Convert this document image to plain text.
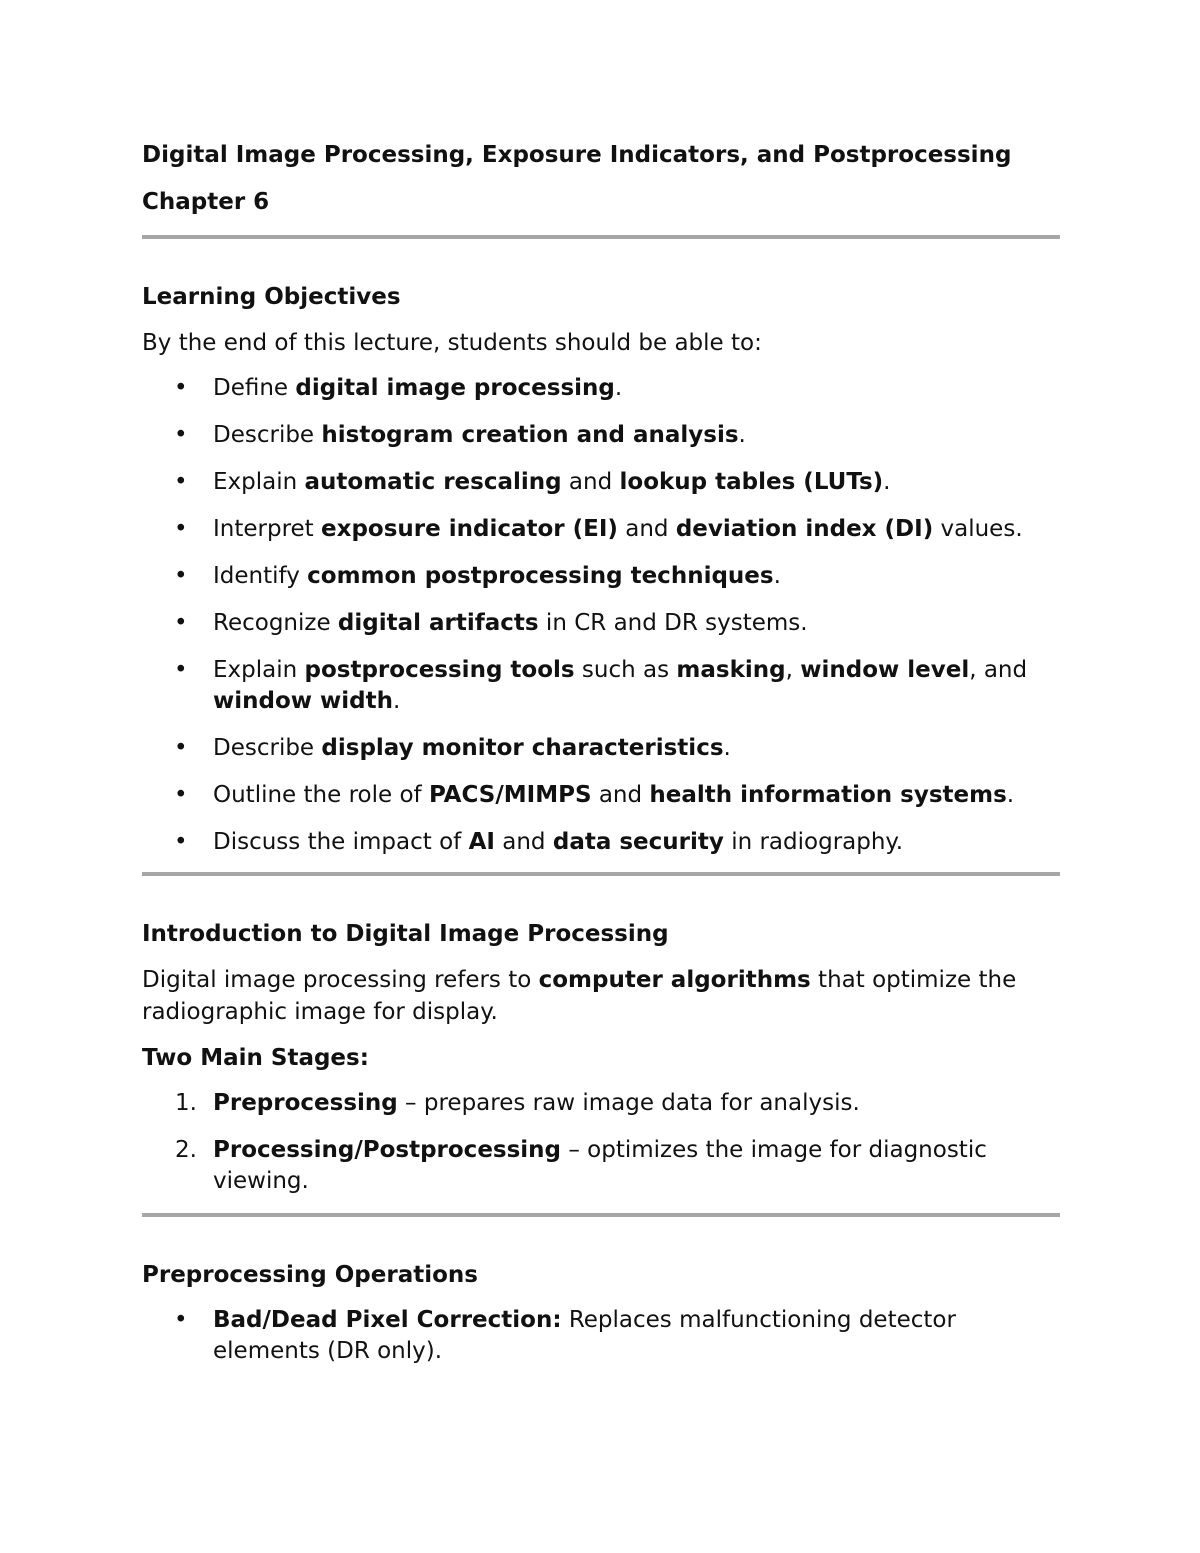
Digital Image Processing, Exposure Indicators, and Postprocessing

Chapter 6

Learning Objectives

By the end of this lecture, students should be able to:

• Define digital image processing.
• Describe histogram creation and analysis.
• Explain automatic rescaling and lookup tables (LUTs).
• Interpret exposure indicator (EI) and deviation index (DI) values.
• Identify common postprocessing techniques.
• Recognize digital artifacts in CR and DR systems.
• Explain postprocessing tools such as masking, window level, and window width.
• Describe display monitor characteristics.
• Outline the role of PACS/MIMPS and health information systems.
• Discuss the impact of AI and data security in radiography.
Introduction to Digital Image Processing

Digital image processing refers to computer algorithms that optimize the radiographic image for display.

Two Main Stages:
1. Preprocessing – prepares raw image data for analysis.
2. Processing/Postprocessing – optimizes the image for diagnostic viewing.
Preprocessing Operations
• Bad/Dead Pixel Correction: Replaces malfunctioning detector elements (DR only).
